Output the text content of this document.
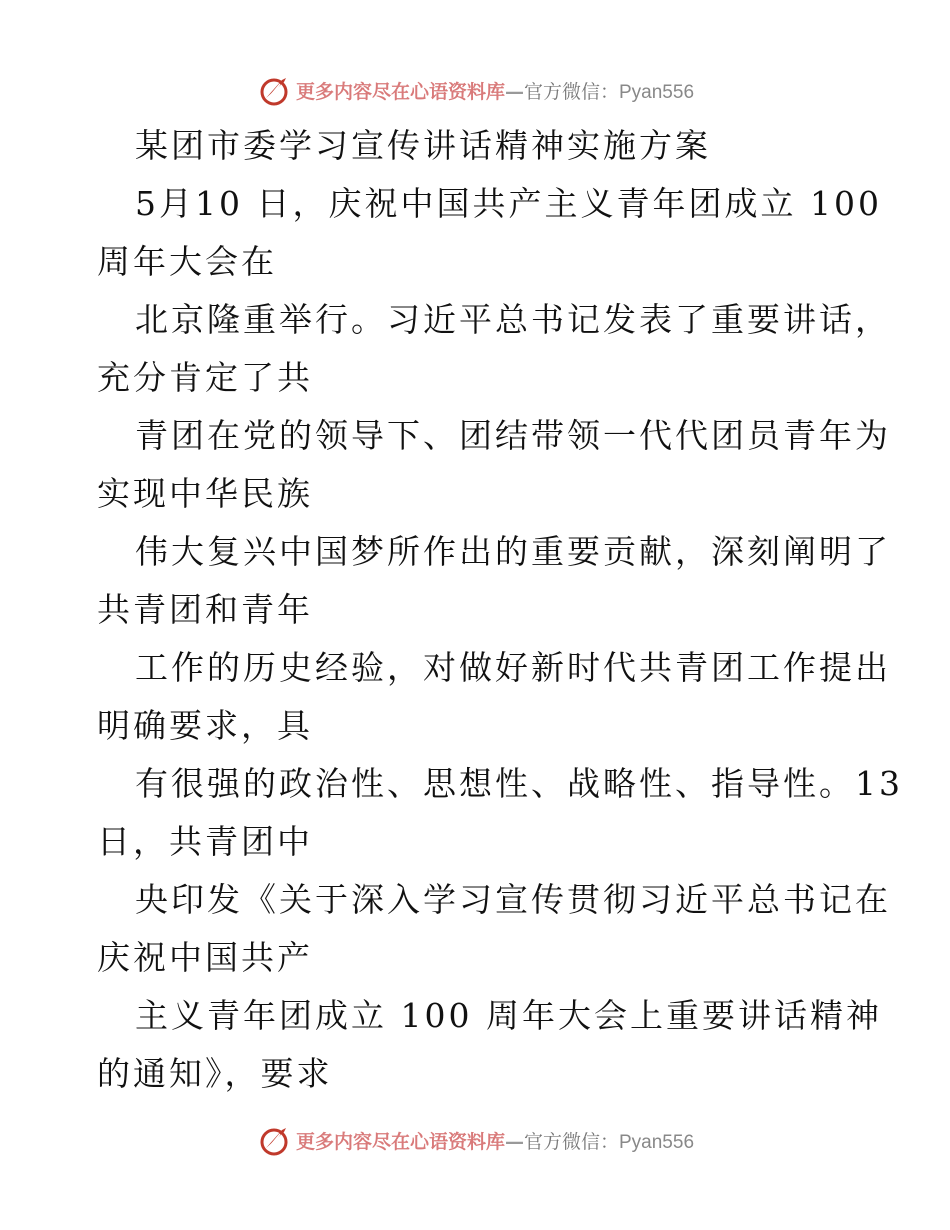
更多内容尽在心语资料库—官方微信：Pyan556
某团市委学习宣传讲话精神实施方案
5月10 日，庆祝中国共产主义青年团成立 100
周年大会在
北京隆重举行。习近平总书记发表了重要讲话，
充分肯定了共
青团在党的领导下、团结带领一代代团员青年为
实现中华民族
伟大复兴中国梦所作出的重要贡献，深刻阐明了
共青团和青年
工作的历史经验，对做好新时代共青团工作提出
明确要求，具
有很强的政治性、思想性、战略性、指导性。13
日，共青团中
央印发《关于深入学习宣传贯彻习近平总书记在
庆祝中国共产
主义青年团成立 100 周年大会上重要讲话精神
的通知》，要求
更多内容尽在心语资料库—官方微信：Pyan556
